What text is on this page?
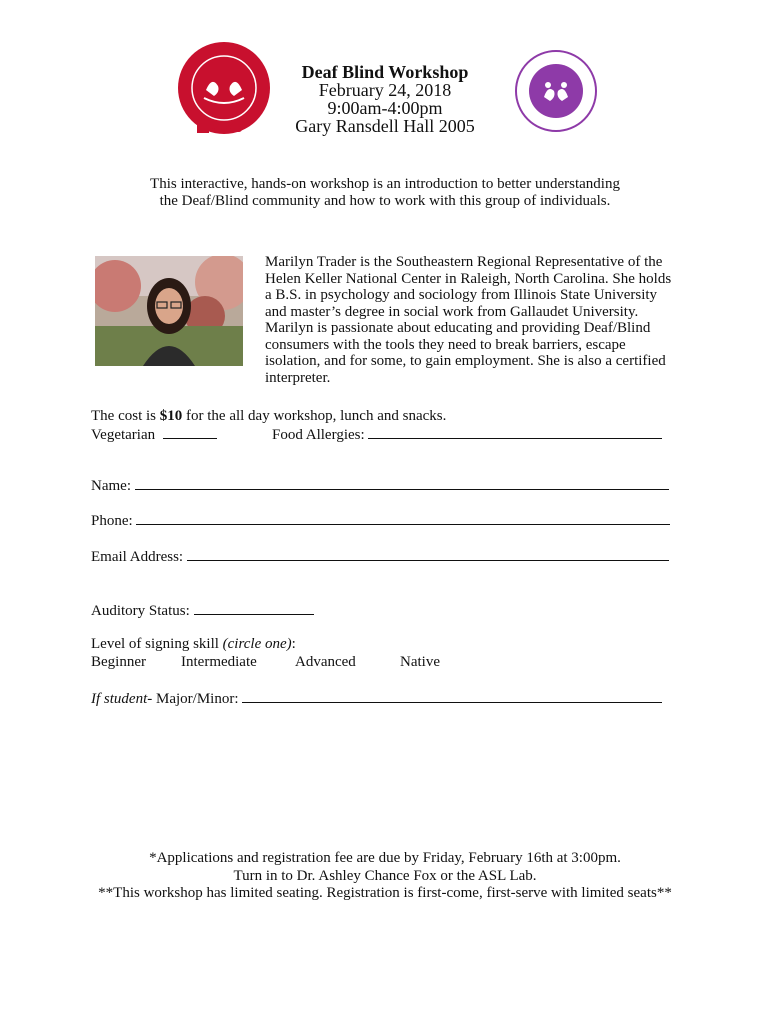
WKU
Deaf Blind Workshop
February 24, 2018
9:00am-4:00pm
Gary Ransdell Hall 2005
This interactive, hands-on workshop is an introduction to better understanding
the Deaf/Blind community and how to work with this group of individuals.
Marilyn Trader is the Southeastern Regional Representative of the
Helen Keller National Center in Raleigh, North Carolina. She holds
a B.S. in psychology and sociology from Illinois State University
and master’s degree in social work from Gallaudet University.
Marilyn is passionate about educating and providing Deaf/Blind
consumers with the tools they need to break barriers, escape
isolation, and for some, to gain employment. She is also a certified
interpreter.
The cost is $10 for the all day workshop, lunch and snacks.
Vegetarian	Food Allergies:
Name:
Phone:
Email Address:
Auditory Status:
Level of signing skill (circle one):
Beginner Intermediate	Advanced	Native
If student- Major/Minor:
*Applications and registration fee are due by Friday, February 16th at 3:00pm.
Turn in to Dr. Ashley Chance Fox or the ASL Lab.
**This workshop has limited seating. Registration is first-come, first-serve with limited seats**
